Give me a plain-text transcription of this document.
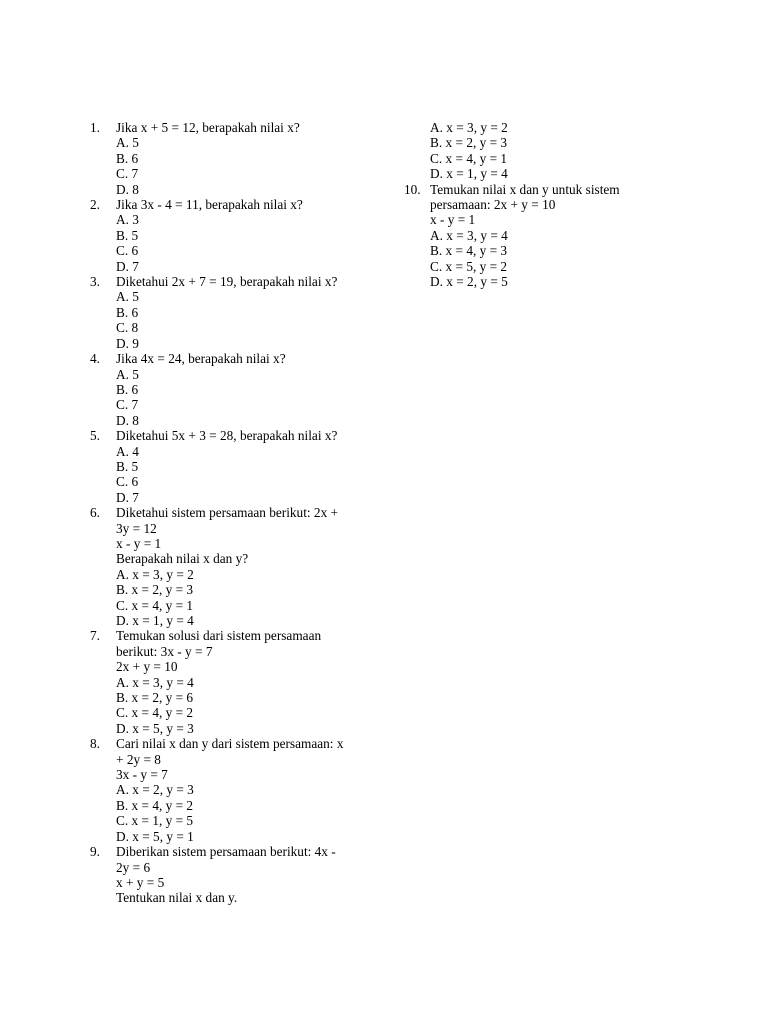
1.	Jika x + 5 = 12, berapakah nilai x?
A. 5
B. 6
C. 7
D. 8
2.	Jika 3x - 4 = 11, berapakah nilai x?
A. 3
B. 5
C. 6
D. 7
3.	Diketahui 2x + 7 = 19, berapakah nilai x?
A. 5
B. 6
C. 8
D. 9
4.	Jika 4x = 24, berapakah nilai x?
A. 5
B. 6
C. 7
D. 8
5.	Diketahui 5x + 3 = 28, berapakah nilai x?
A. 4
B. 5
C. 6
D. 7
6.	Diketahui sistem persamaan berikut: 2x +
3y = 12
x - y = 1
Berapakah nilai x dan y?
A. x = 3, y = 2
B. x = 2, y = 3
C. x = 4, y = 1
D. x = 1, y = 4
7.	Temukan solusi dari sistem persamaan
berikut: 3x - y = 7
2x + y = 10
A. x = 3, y = 4
B. x = 2, y = 6
C. x = 4, y = 2
D. x = 5, y = 3
8.	Cari nilai x dan y dari sistem persamaan: x
+ 2y = 8
3x - y = 7
A. x = 2, y = 3
B. x = 4, y = 2
C. x = 1, y = 5
D. x = 5, y = 1
9.	Diberikan sistem persamaan berikut: 4x -
2y = 6
x + y = 5
Tentukan nilai x dan y.
A. x = 3, y = 2
B. x = 2, y = 3
C. x = 4, y = 1
D. x = 1, y = 4
10. Temukan nilai x dan y untuk sistem
persamaan: 2x + y = 10
x - y = 1
A. x = 3, y = 4
B. x = 4, y = 3
C. x = 5, y = 2
D. x = 2, y = 5
